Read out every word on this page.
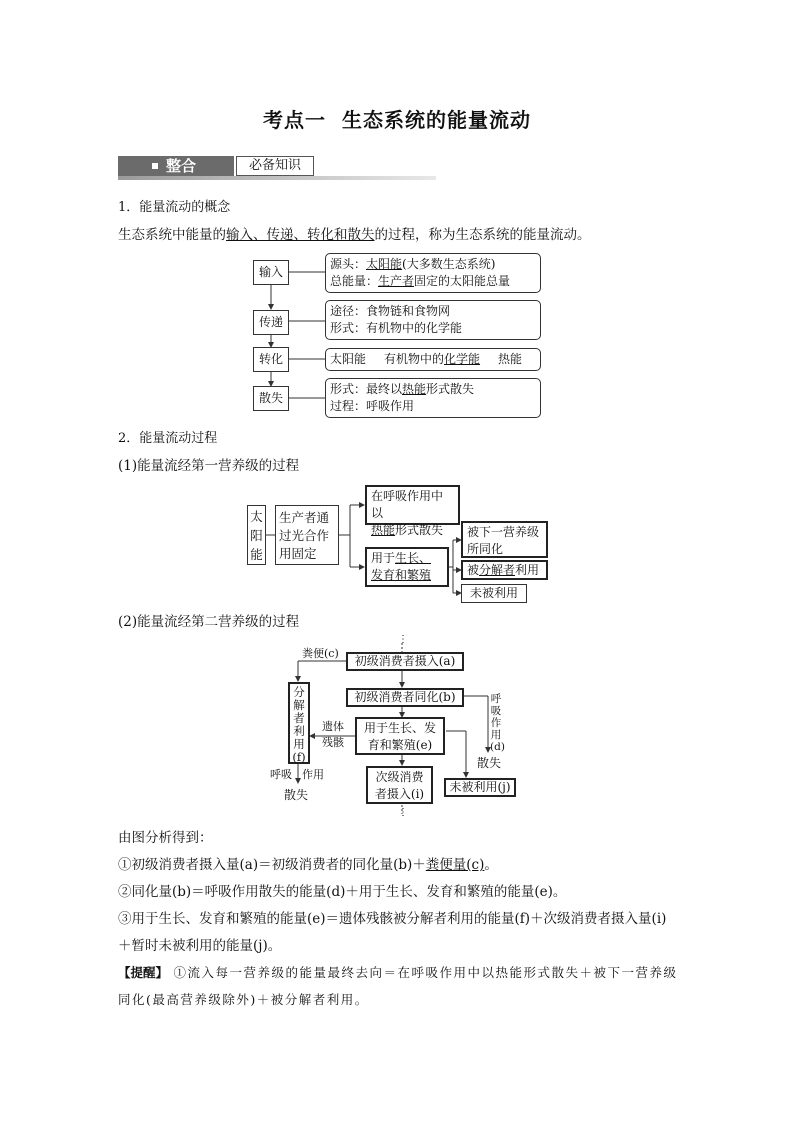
考点一 生态系统的能量流动
整合	必备知识
1．能量流动的概念
生态系统中能量的输入、传递、转化和散失的过程，称为生态系统的能量流动。
输入
源头：太阳能(大多数生态系统)
总能量：生产者固定的太阳能总量
传递
途径：食物链和食物网
形式：有机物中的化学能
转化	太阳能 有机物中的化学能 热能
散失
形式：最终以热能形式散失
过程：呼吸作用
2．能量流动过程
(1)能量流经第一营养级的过程
太
阳
能
生产者通
过光合作
用固定
在呼吸作用中以
热能形式散失
用于生长、
发育和繁殖
被下一营养级
所同化
被分解者利用
未被利用
(2)能量流经第二营养级的过程
⋮
粪便(c)
初级消费者摄入(a)
初级消费者同化(b)
用于生长、发
育和繁殖(e)
遗体
残骸
分
解
者
利
用
(f)
呼
吸
作
用
(d)
散失
呼吸 作用
散失
次级消费
者摄入(i)	未被利用(j)
⋮
由图分析得到：
①初级消费者摄入量(a)＝初级消费者的同化量(b)＋粪便量(c)。
②同化量(b)＝呼吸作用散失的能量(d)＋用于生长、发育和繁殖的能量(e)。
③用于生长、发育和繁殖的能量(e)＝遗体残骸被分解者利用的能量(f)＋次级消费者摄入量(i)
＋暂时未被利用的能量(j)。
【提醒】 ①流入每一营养级的能量最终去向＝在呼吸作用中以热能形式散失＋被下一营养级
同化(最高营养级除外)＋被分解者利用。
